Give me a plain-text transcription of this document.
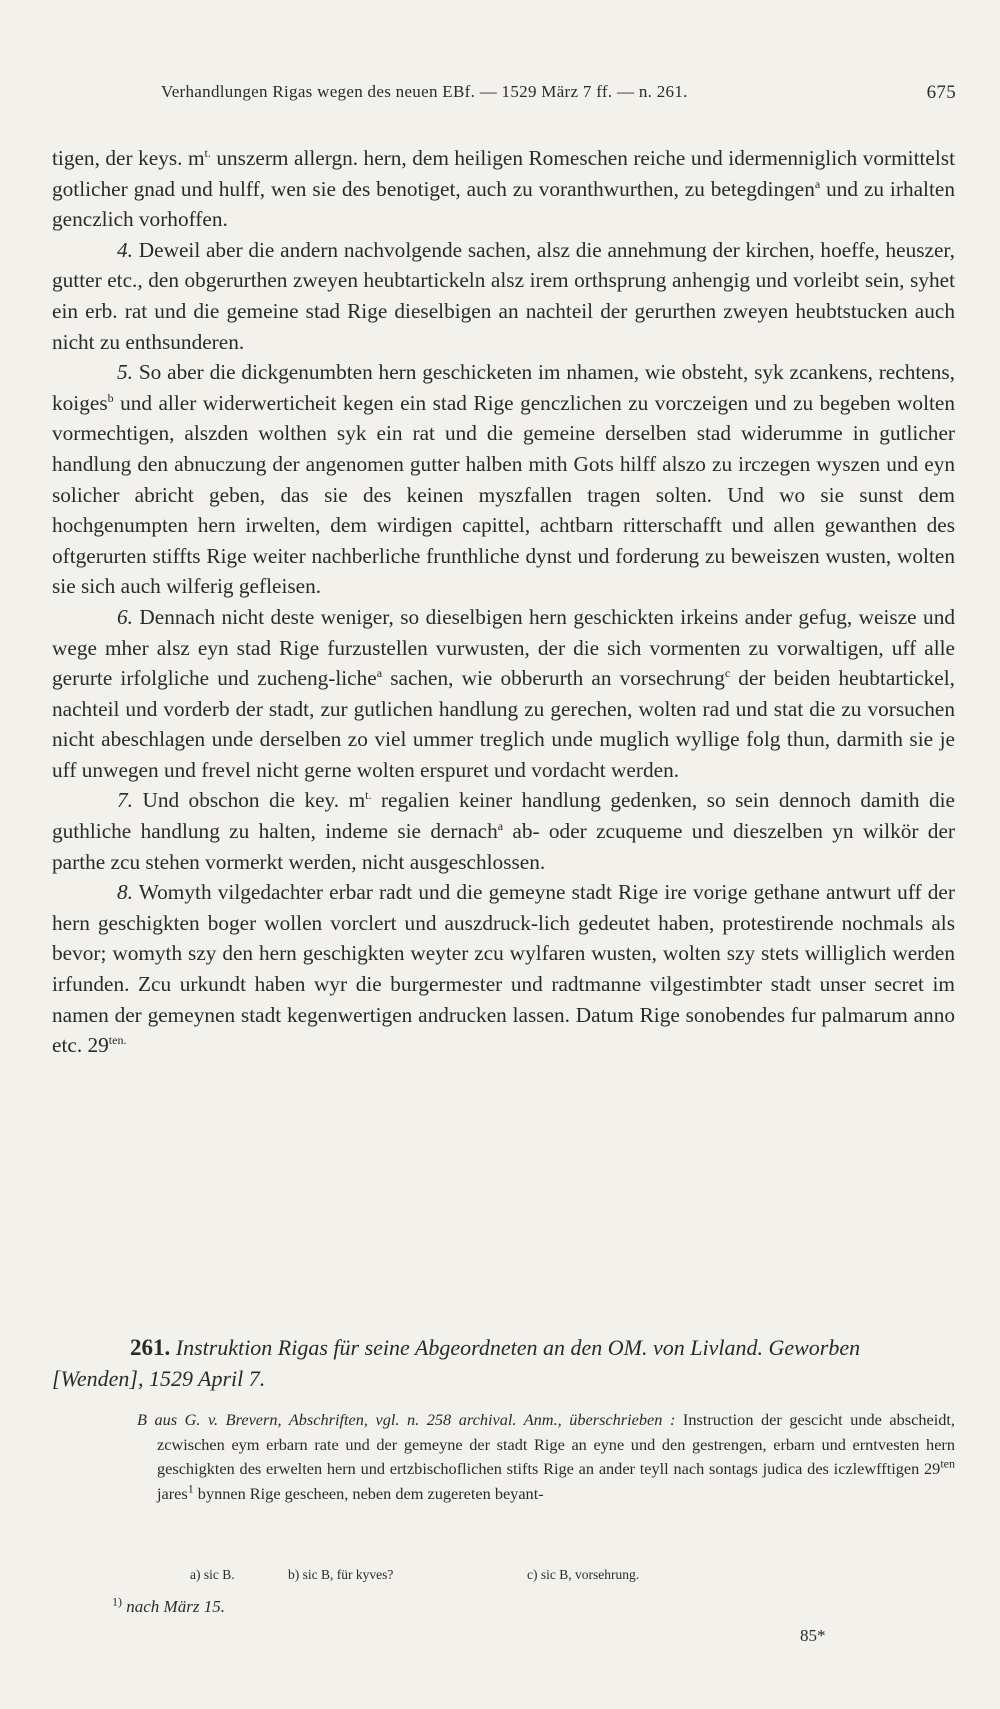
Verhandlungen Rigas wegen des neuen EBf. — 1529 März 7 ff. — n. 261.	675

tigen, der keys. $m^{t.}$ unszerm allergn. hern, dem heiligen Romeschen reiche und idermenniglich vormittelst gotlicher gnad und hulff, wen sie des benotiget, auch zu voranthwurthen, zu betegdingen$^a$ und zu irhalten genczlich vorhoffen.

4. Deweil aber die andern nachvolgende sachen, alsz die annehmung der kirchen, hoeffe, heuszer, gutter etc., den obgerurthen zweyen heubtartickeln alsz irem orthsprung anhengig und vorleibt sein, syhet ein erb. rat und die gemeine stad Rige dieselbigen an nachteil der gerurthen zweyen heubtstucken auch nicht zu enthsunderen.

5. So aber die dickgenumbten hern geschicketen im nhamen, wie obsteht, syk zcankens, rechtens, koiges$^b$ und aller widerwerticheit kegen ein stad Rige genczlichen zu vorczeigen und zu begeben wolten vormechtigen, alszden wolthen syk ein rat und die gemeine derselben stad widerumme in gutlicher handlung den abnuczung der angenomen gutter halben mith Gots hilff alszo zu irczegen wyszen und eyn solicher abricht geben, das sie des keinen myszfallen tragen solten. Und wo sie sunst dem hochgenumpten hern irwelten, dem wirdigen capittel, achtbarn ritterschafft und allen gewanthen des oftgerurten stiffts Rige weiter nachberliche frunthliche dynst und forderung zu beweiszen wusten, wolten sie sich auch wilferig gefleisen.

6. Dennach nicht deste weniger, so dieselbigen hern geschickten irkeins ander gefug, weisze und wege mher alsz eyn stad Rige furzustellen vurwusten, der die sich vormenten zu vorwaltigen, uff alle gerurte irfolgliche und zucheng-liche$^a$ sachen, wie obberurth an vorsechrung$^c$ der beiden heubtartickel, nachteil und vorderb der stadt, zur gutlichen handlung zu gerechen, wolten rad und stat die zu vorsuchen nicht abeschlagen unde derselben zo viel ummer treglich unde muglich wyllige folg thun, darmith sie je uff unwegen und frevel nicht gerne wolten erspuret und vordacht werden.

7. Und obschon die key. $m^{t.}$ regalien keiner handlung gedenken, so sein dennoch damith die guthliche handlung zu halten, indeme sie dernach$^a$ ab- oder zcuqueme und dieszelben yn wilkör der parthe zcu stehen vormerkt werden, nicht ausgeschlossen.

8. Womyth vilgedachter erbar radt und die gemeyne stadt Rige ire vorige gethane antwurt uff der hern geschigkten boger wollen vorclert und auszdruck-lich gedeutet haben, protestirende nochmals als bevor; womyth szy den hern geschigkten weyter zcu wylfaren wusten, wolten szy stets williglich werden irfunden. Zcu urkundt haben wyr die burgermester und radtmanne vilgestimbter stadt unser secret im namen der gemeynen stadt kegenwertigen andrucken lassen. Datum Rige sonobendes fur palmarum anno etc. $29^{ten.}$

261. Instruktion Rigas für seine Abgeordneten an den OM. von Livland. Geworben [Wenden], 1529 April 7.
B aus G. v. Brevern, Abschriften, vgl. n. 258 archival. Anm., überschrieben : Instruction der gescicht unde abscheidt, zcwischen eym erbarn rate und der gemeyne der stadt Rige an eyne und den gestrengen, erbarn und erntvesten hern geschigkten des erwelten hern und ertzbischoflichen stifts Rige an ander teyll nach sontags judica des iczlewfftigen $29^{ten}$ jares$^1$ bynnen Rige gescheen, neben dem zugereten beyant-
a) sic B.	b) sic B, für kyves?	c) sic B, vorsehrung.
$^{1)}$ nach März 15.
85*
